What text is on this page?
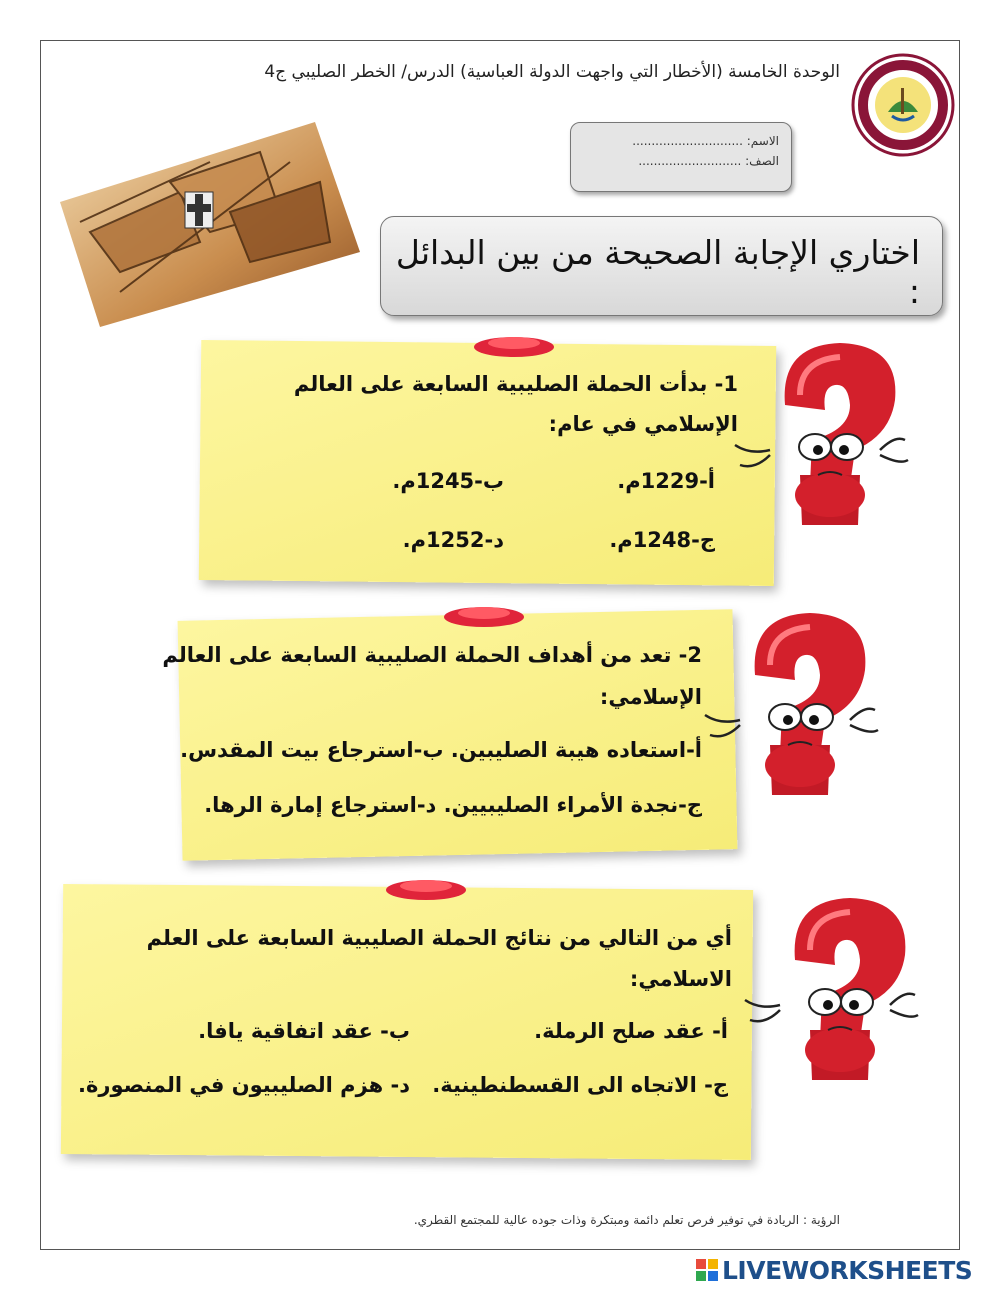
الوحدة الخامسة (الأخطار التي واجهت الدولة العباسية) الدرس/ الخطر الصليبي ج4
الاسم: .............................
الصف: ...........................
اختاري الإجابة الصحيحة من بين البدائل :
1- بدأت الحملة الصليبية السابعة على العالم
الإسلامي في عام:
أ-1229م.
ب-1245م.
ج-1248م.
د-1252م.
2- تعد من أهداف الحملة الصليبية السابعة على العالم
الإسلامي:
أ-استعاده هيبة الصليبين. ب-استرجاع بيت المقدس.
ج-نجدة الأمراء الصليبيين. د-استرجاع إمارة الرها.
أي من التالي من نتائج الحملة الصليبية السابعة على العلم
الاسلامي:
أ- عقد صلح الرملة.
ب- عقد اتفاقية يافا.
ج- الاتجاه الى القسطنطينية.
د- هزم الصليبيون في المنصورة.
الرؤية : الريادة في توفير فرص تعلم دائمة ومبتكرة وذات جوده عالية للمجتمع القطري.
LIVEWORKSHEETS
